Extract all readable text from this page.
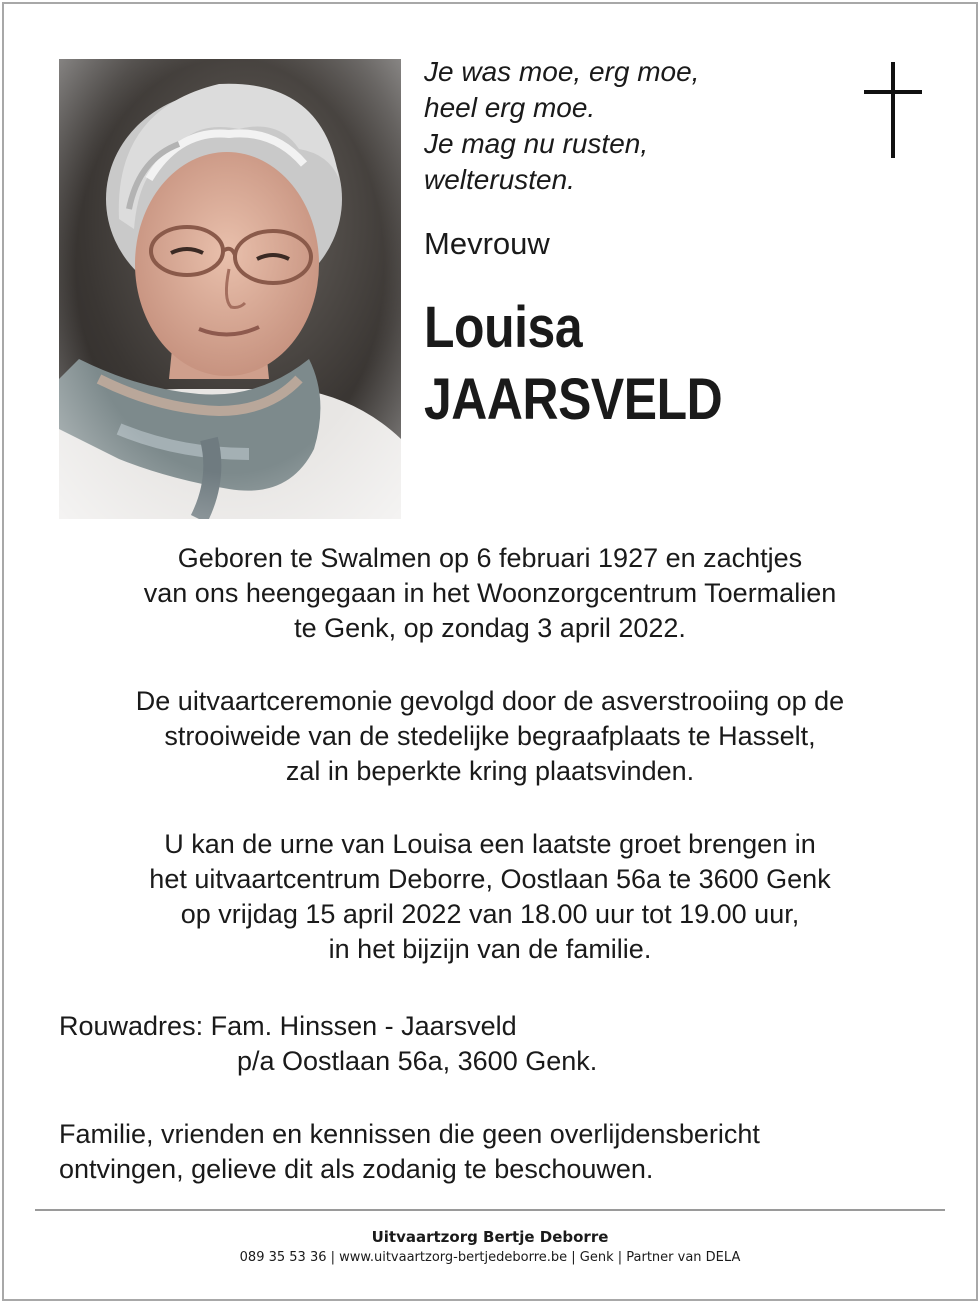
Je was moe, erg moe,
heel erg moe.
Je mag nu rusten,
welterusten.
Mevrouw
Louisa
JAARSVELD
Geboren te Swalmen op 6 februari 1927 en zachtjes
van ons heengegaan in het Woonzorgcentrum Toermalien
te Genk, op zondag 3 april 2022.
De uitvaartceremonie gevolgd door de asverstrooiing op de
strooiweide van de stedelijke begraafplaats te Hasselt,
zal in beperkte kring plaatsvinden.
U kan de urne van Louisa een laatste groet brengen in
het uitvaartcentrum Deborre, Oostlaan 56a te 3600 Genk
op vrijdag 15 april 2022 van 18.00 uur tot 19.00 uur,
in het bijzijn van de familie.
Rouwadres: Fam. Hinssen - Jaarsveld
p/a Oostlaan 56a, 3600 Genk.
Familie, vrienden en kennissen die geen overlijdensbericht
ontvingen, gelieve dit als zodanig te beschouwen.
Uitvaartzorg Bertje Deborre
089 35 53 36 | www.uitvaartzorg-bertjedeborre.be | Genk | Partner van DELA
